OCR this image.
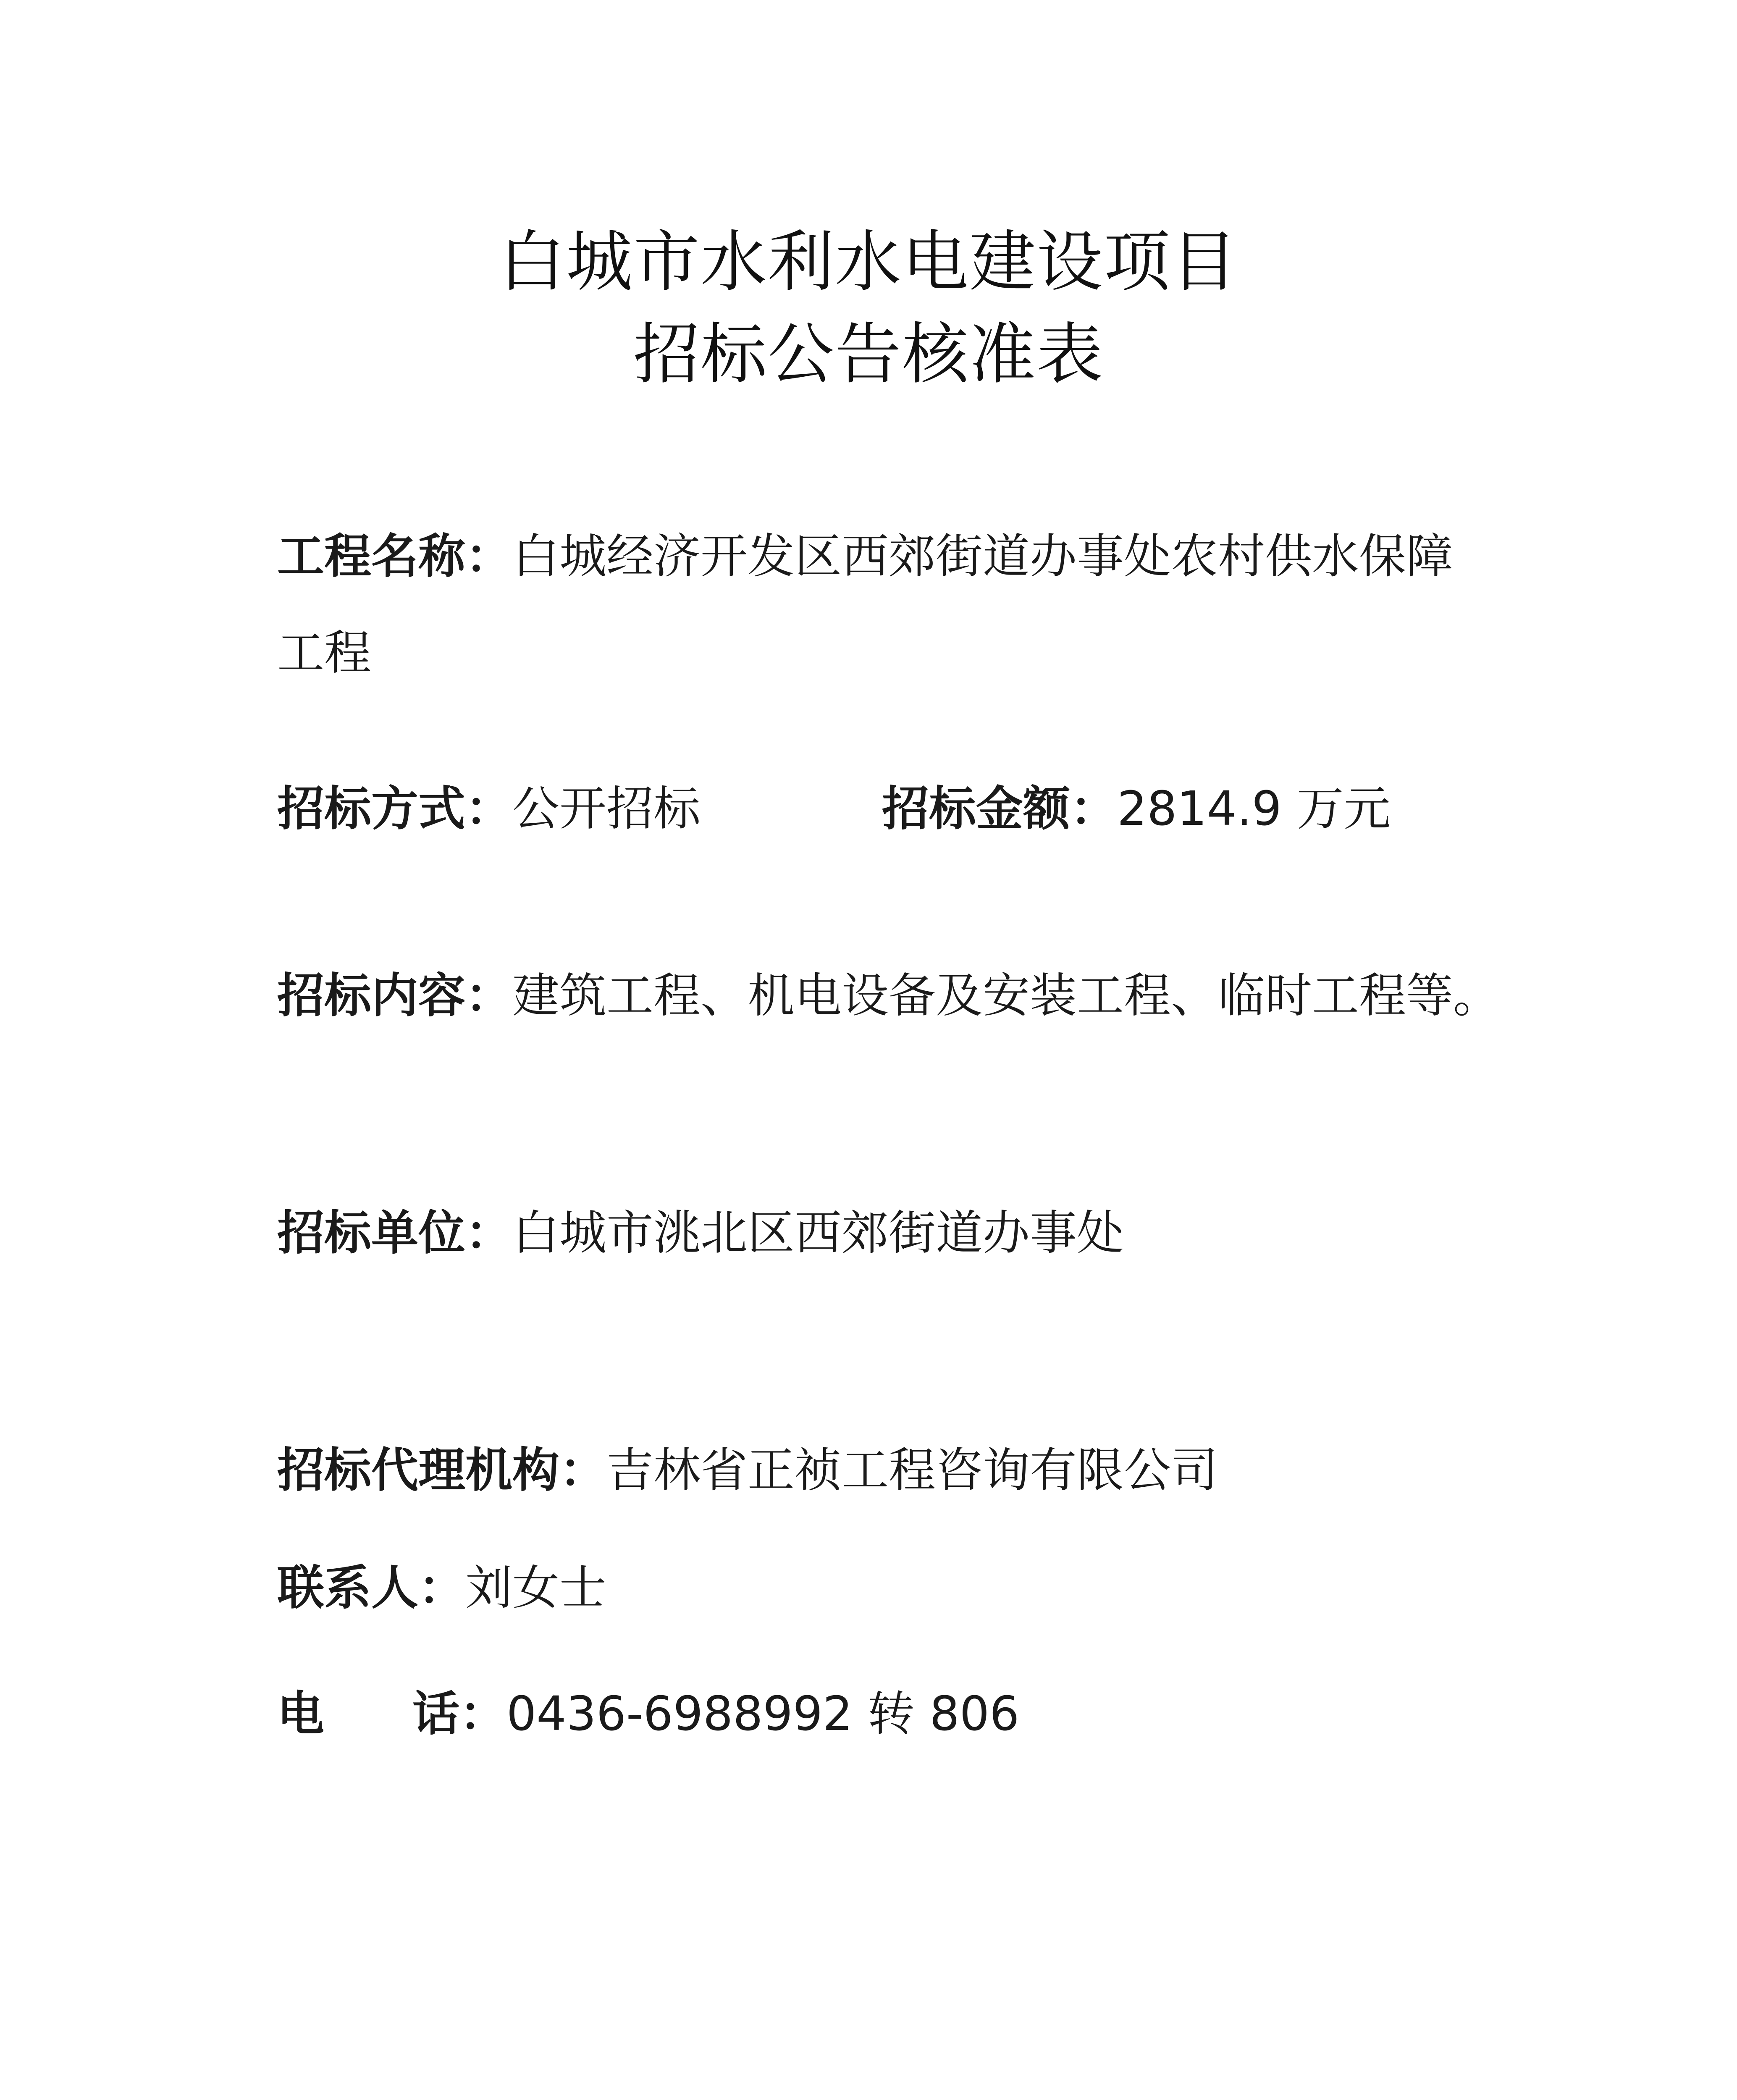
白城市水利水电建设项目
招标公告核准表
工程名称：白城经济开发区西郊街道办事处农村供水保障工程
招标方式：公开招标	招标金额：2814.9 万元
招标内容：建筑工程、机电设备及安装工程、临时工程等。
招标单位：白城市洮北区西郊街道办事处
招标代理机构：吉林省正祯工程咨询有限公司
联系人：刘女士
电 话：0436-6988992 转 806
